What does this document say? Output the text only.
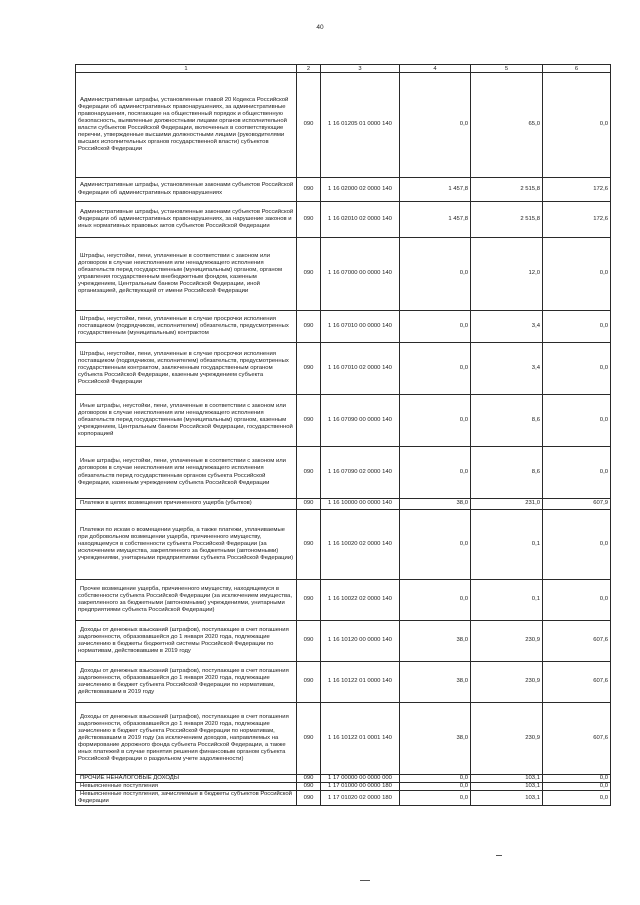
40
1	2	3	4	5	6
Административные штрафы, установленные главой 20 Кодекса Российской Федерации об административных правонарушениях, за административные правонарушения, посягающие на общественный порядок и общественную безопасность, выявленные должностными лицами органов исполнительной власти субъектов Российской Федерации, включенных в соответствующие перечни, утвержденные высшими должностными лицами (руководителями высших исполнительных органов государственной власти) субъектов Российской Федерации	090	1 16 01205 01 0000 140	0,0	65,0	0,0
Административные штрафы, установленные законами субъектов Российской Федерации об административных правонарушениях	090	1 16 02000 02 0000 140	1 457,8	2 515,8	172,6
Административные штрафы, установленные законами субъектов Российской Федерации об административных правонарушениях, за нарушение законов и иных нормативных правовых актов субъектов Российской Федерации	090	1 16 02010 02 0000 140	1 457,8	2 515,8	172,6
Штрафы, неустойки, пени, уплаченные в соответствии с законом или договором в случае неисполнения или ненадлежащего исполнения обязательств перед государственным (муниципальным) органом, органом управления государственным внебюджетным фондом, казенным учреждением, Центральным банком Российской Федерации, иной организацией, действующей от имени Российской Федерации	090	1 16 07000 00 0000 140	0,0	12,0	0,0
Штрафы, неустойки, пени, уплаченные в случае просрочки исполнения поставщиком (подрядчиком, исполнителем) обязательств, предусмотренных государственным (муниципальным) контрактом	090	1 16 07010 00 0000 140	0,0	3,4	0,0
Штрафы, неустойки, пени, уплаченные в случае просрочки исполнения поставщиком (подрядчиком, исполнителем) обязательств, предусмотренных государственным контрактом, заключенным государственным органом субъекта Российской Федерации, казенным учреждением субъекта Российской Федерации	090	1 16 07010 02 0000 140	0,0	3,4	0,0
Иные штрафы, неустойки, пени, уплаченные в соответствии с законом или договором в случае неисполнения или ненадлежащего исполнения обязательств перед государственным (муниципальным) органом, казенным учреждением, Центральным банком Российской Федерации, государственной корпорацией	090	1 16 07090 00 0000 140	0,0	8,6	0,0
Иные штрафы, неустойки, пени, уплаченные в соответствии с законом или договором в случае неисполнения или ненадлежащего исполнения обязательств перед государственным органом субъекта Российской Федерации, казенным учреждением субъекта Российской Федерации	090	1 16 07090 02 0000 140	0,0	8,6	0,0
Платежи в целях возмещения причиненного ущерба (убытков)	090	1 16 10000 00 0000 140	38,0	231,0	607,9
Платежи по искам о возмещении ущерба, а также платежи, уплачиваемые при добровольном возмещении ущерба, причиненного имуществу, находящемуся в собственности субъекта Российской Федерации (за исключением имущества, закрепленного за бюджетными (автономными) учреждениями, унитарными предприятиями субъекта Российской Федерации)	090	1 16 10020 02 0000 140	0,0	0,1	0,0
Прочее возмещение ущерба, причиненного имуществу, находящемуся в собственности субъекта Российской Федерации (за исключением имущества, закрепленного за бюджетными (автономными) учреждениями, унитарными предприятиями субъекта Российской Федерации)	090	1 16 10022 02 0000 140	0,0	0,1	0,0
Доходы от денежных взысканий (штрафов), поступающие в счет погашения задолженности, образовавшейся до 1 января 2020 года, подлежащие зачислению в бюджеты бюджетной системы Российской Федерации по нормативам, действовавшим в 2019 году	090	1 16 10120 00 0000 140	38,0	230,9	607,6
Доходы от денежных взысканий (штрафов), поступающие в счет погашения задолженности, образовавшейся до 1 января 2020 года, подлежащие зачислению в бюджет субъекта Российской Федерации по нормативам, действовавшим в 2019 году	090	1 16 10122 01 0000 140	38,0	230,9	607,6
Доходы от денежных взысканий (штрафов), поступающие в счет погашения задолженности, образовавшейся до 1 января 2020 года, подлежащие зачислению в бюджет субъекта Российской Федерации по нормативам, действовавшим в 2019 году (за исключением доходов, направляемых на формирование дорожного фонда субъекта Российской Федерации, а также иных платежей в случае принятия решения финансовым органом субъекта Российской Федерации о раздельном учете задолженности)	090	1 16 10122 01 0001 140	38,0	230,9	607,6
ПРОЧИЕ НЕНАЛОГОВЫЕ ДОХОДЫ	090	1 17 00000 00 0000 000	0,0	103,1	0,0
Невыясненные поступления	090	1 17 01000 00 0000 180	0,0	103,1	0,0
Невыясненные поступления, зачисляемые в бюджеты субъектов Российской Федерации	090	1 17 01020 02 0000 180	0,0	103,1	0,0
